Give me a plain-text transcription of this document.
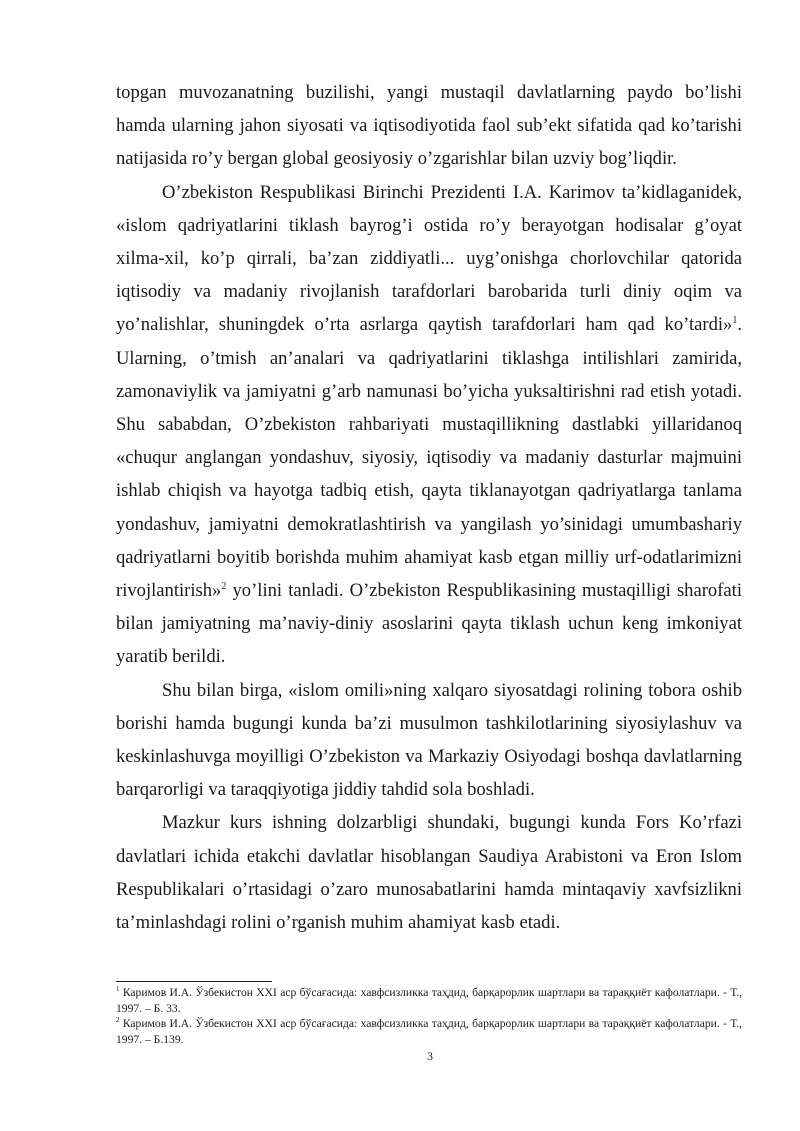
topgan muvozanatning buzilishi, yangi mustaqil davlatlarning paydo bo’lishi hamda ularning jahon siyosati va iqtisodiyotida faol sub’ekt sifatida qad ko’tarishi natijasida ro’y bergan global geosiyosiy o’zgarishlar bilan uzviy bog’liqdir.

O’zbekiston Respublikasi Birinchi Prezidenti I.A. Karimov ta’kidlaganidek, «islom qadriyatlarini tiklash bayrog’i ostida ro’y berayotgan hodisalar g’oyat xilma-xil, ko’p qirrali, ba’zan ziddiyatli... uyg’onishga chorlovchilar qatorida iqtisodiy va madaniy rivojlanish tarafdorlari barobarida turli diniy oqim va yo’nalishlar, shuningdek o’rta asrlarga qaytish tarafdorlari ham qad ko’tardi»$^1$. Ularning, o’tmish an’analari va qadriyatlarini tiklashga intilishlari zamirida, zamonaviylik va jamiyatni g’arb namunasi bo’yicha yuksaltirishni rad etish yotadi. Shu sababdan, O’zbekiston rahbariyati mustaqillikning dastlabki yillaridanoq «chuqur anglangan yondashuv, siyosiy, iqtisodiy va madaniy dasturlar majmuini ishlab chiqish va hayotga tadbiq etish, qayta tiklanayotgan qadriyatlarga tanlama yondashuv, jamiyatni demokratlashtirish va yangilash yo’sinidagi umumbashariy qadriyatlarni boyitib borishda muhim ahamiyat kasb etgan milliy urf-odatlarimizni rivojlantirish»$^2$ yo’lini tanladi. O’zbekiston Respublikasining mustaqilligi sharofati bilan jamiyatning ma’naviy-diniy asoslarini qayta tiklash uchun keng imkoniyat yaratib berildi.

Shu bilan birga, «islom omili»ning xalqaro siyosatdagi rolining tobora oshib borishi hamda bugungi kunda ba’zi musulmon tashkilotlarining siyosiylashuv va keskinlashuvga moyilligi O’zbekiston va Markaziy Osiyodagi boshqa davlatlarning barqarorligi va taraqqiyotiga jiddiy tahdid sola boshladi.

Mazkur kurs ishning dolzarbligi shundaki, bugungi kunda Fors Ko’rfazi davlatlari ichida etakchi davlatlar hisoblangan Saudiya Arabistoni va Eron Islom Respublikalari o’rtasidagi o’zaro munosabatlarini hamda mintaqaviy xavfsizlikni ta’minlashdagi rolini o’rganish muhim ahamiyat kasb etadi.

$^1$ Каримов И.А. Ўзбекистон XXI аср бўсағасида: хавфсизликка таҳдид, барқарорлик шартлари ва тараққиёт кафолатлари. - Т., 1997. – Б. 33.

$^2$ Каримов И.А. Ўзбекистон XXI аср бўсағасида: хавфсизликка таҳдид, барқарорлик шартлари ва тараққиёт кафолатлари. - Т., 1997. – Б.139.

3
